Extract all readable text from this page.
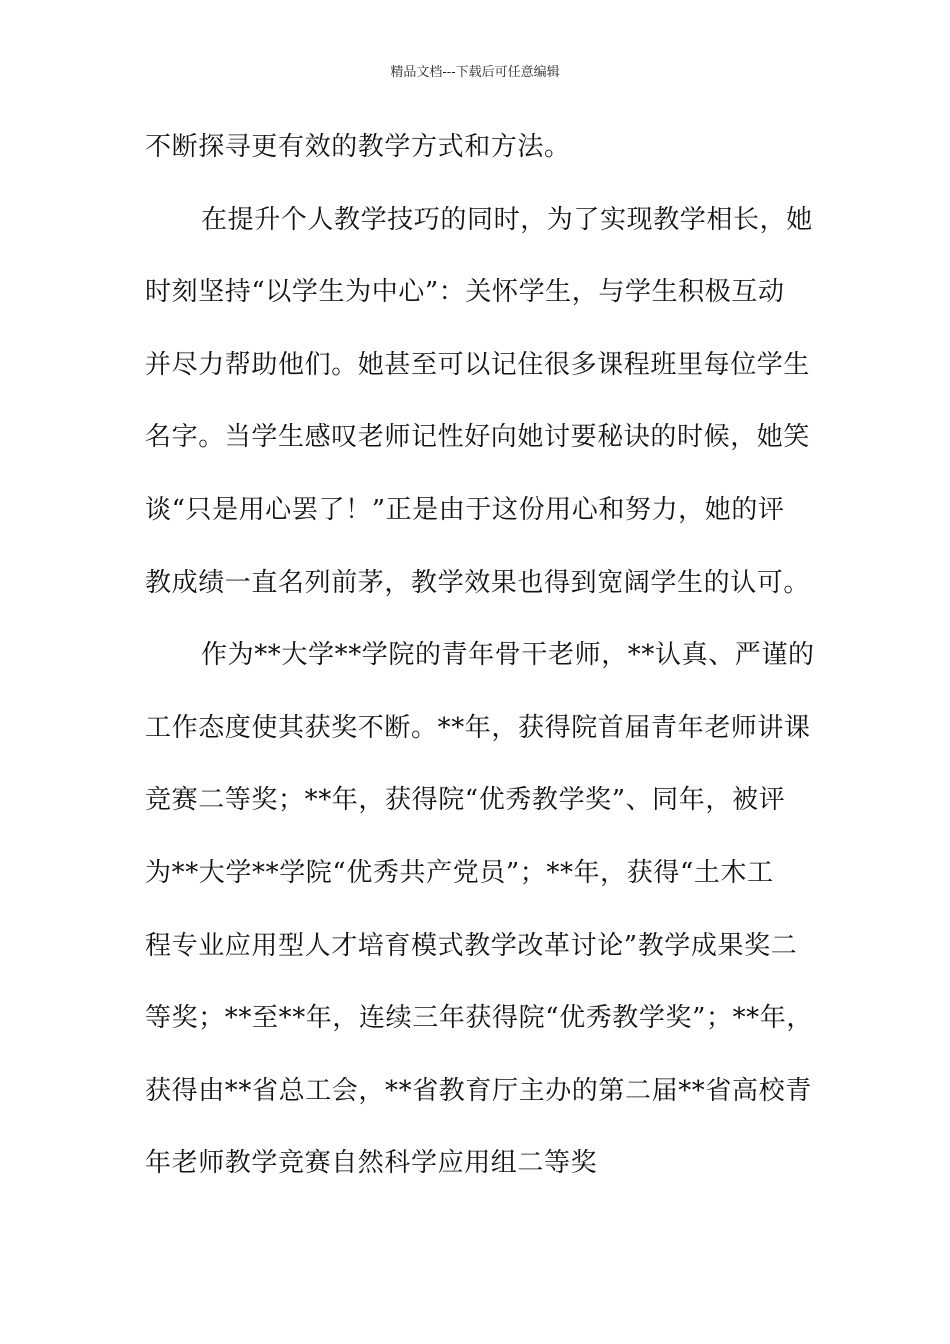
精品文档---下载后可任意编辑
不断探寻更有效的教学方式和方法。
在提升个人教学技巧的同时，为了实现教学相长，她
时刻坚持“以学生为中心”：关怀学生，与学生积极互动
并尽力帮助他们。她甚至可以记住很多课程班里每位学生
名字。当学生感叹老师记性好向她讨要秘诀的时候，她笑
谈“只是用心罢了！”正是由于这份用心和努力，她的评
教成绩一直名列前茅，教学效果也得到宽阔学生的认可。
作为**大学**学院的青年骨干老师，**认真、严谨的
工作态度使其获奖不断。**年，获得院首届青年老师讲课
竞赛二等奖；**年，获得院“优秀教学奖”、同年，被评
为**大学**学院“优秀共产党员”；**年，获得“土木工
程专业应用型人才培育模式教学改革讨论”教学成果奖二
等奖；**至**年，连续三年获得院“优秀教学奖”；**年，
获得由**省总工会，**省教育厅主办的第二届**省高校青
年老师教学竞赛自然科学应用组二等奖
